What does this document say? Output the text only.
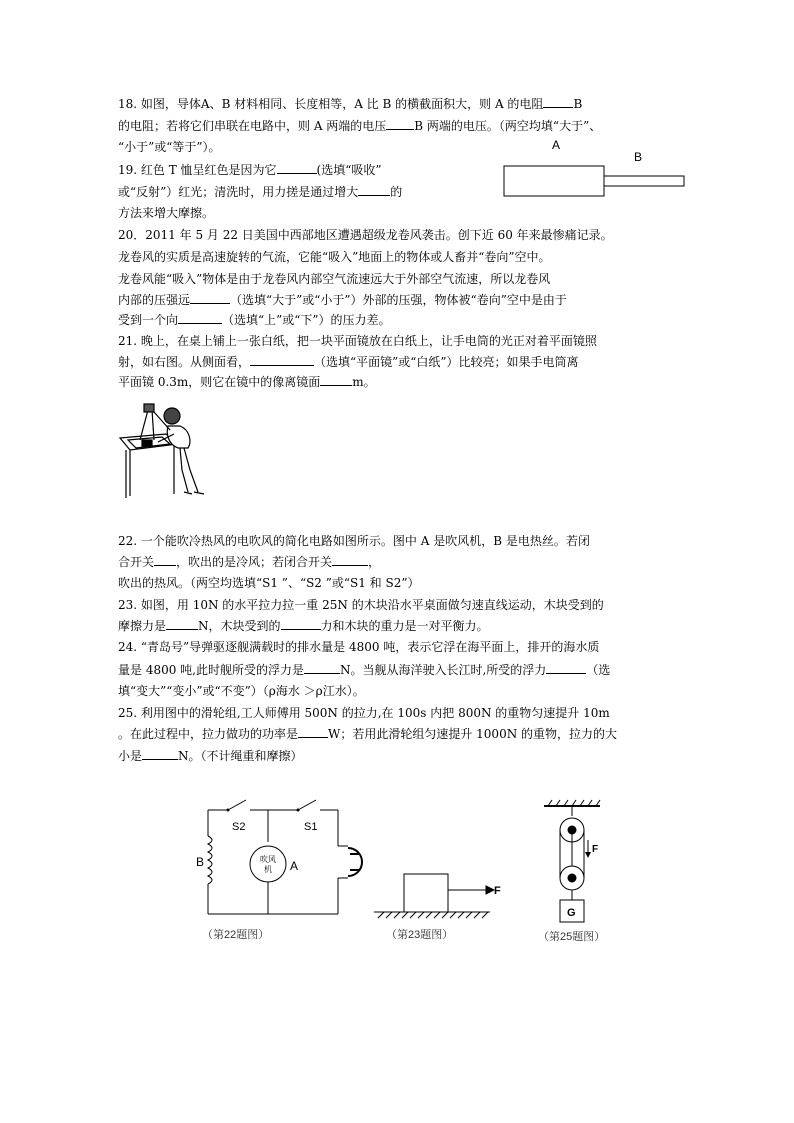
18. 如图，导体A、B 材料相同、长度相等，A 比 B 的横截面积大，则 A 的电阻	B
的电阻；若将它们串联在电路中，则 A 两端的电压 B 两端的电压。（两空均填“大于”、
“小于”或“等于”）。	A
B
19. 红色 T 恤呈红色是因为它	(选填“吸收”
或“反射”）红光；清洗时，用力搓是通过增大	的
方法来增大摩擦。
20．2011 年 5 月 22 日美国中西部地区遭遇超级龙卷风袭击。创下近 60 年来最惨痛记录。
龙卷风的实质是高速旋转的气流，它能“吸入”地面上的物体或人畜并“卷向”空中。
龙卷风能“吸入”物体是由于龙卷风内部空气流速远大于外部空气流速，所以龙卷风
内部的压强远	（选填“大于”或“小于”）外部的压强，物体被“卷向”空中是由于
受到一个向	（选填“上”或“下”）的压力差。
21. 晚上，在桌上铺上一张白纸，把一块平面镜放在白纸上，让手电筒的光正对着平面镜照
射，如右图。从侧面看，	（选填“平面镜”或“白纸”）比较亮；如果手电筒离
平面镜 0.3m，则它在镜中的像离镜面	m。
22. 一个能吹冷热风的电吹风的简化电路如图所示。图中 A 是吹风机，B 是电热丝。若闭
合开关 ，吹出的是冷风；若闭合开关	，
吹出的热风。（两空均选填“S1 ”、“S2 ”或“S1 和 S2”）
23. 如图，用 10N 的水平拉力拉一重 25N 的木块沿水平桌面做匀速直线运动，木块受到的
摩擦力是	N，木块受到的	力和木块的重力是一对平衡力。
24. “青岛号”导弹驱逐舰满载时的排水量是 4800 吨，表示它浮在海平面上，排开的海水质
量是 4800 吨,此时舰所受的浮力是	N。当舰从海洋驶入长江时,所受的浮力	（选
填“变大”“变小”或“不变”）（ρ海水 ＞ρ江水）。
25. 利用图中的滑轮组,工人师傅用 500N 的拉力,在 100s 内把 800N 的重物匀速提升 10m
。在此过程中，拉力做功的功率是	W；若用此滑轮组匀速提升 1000N 的重物，拉力的大
小是	N。（不计绳重和摩擦）
S2	S1
B	A
吹风
机
（第22题图）
F
（第23题图）
F
G
（第25题图）
